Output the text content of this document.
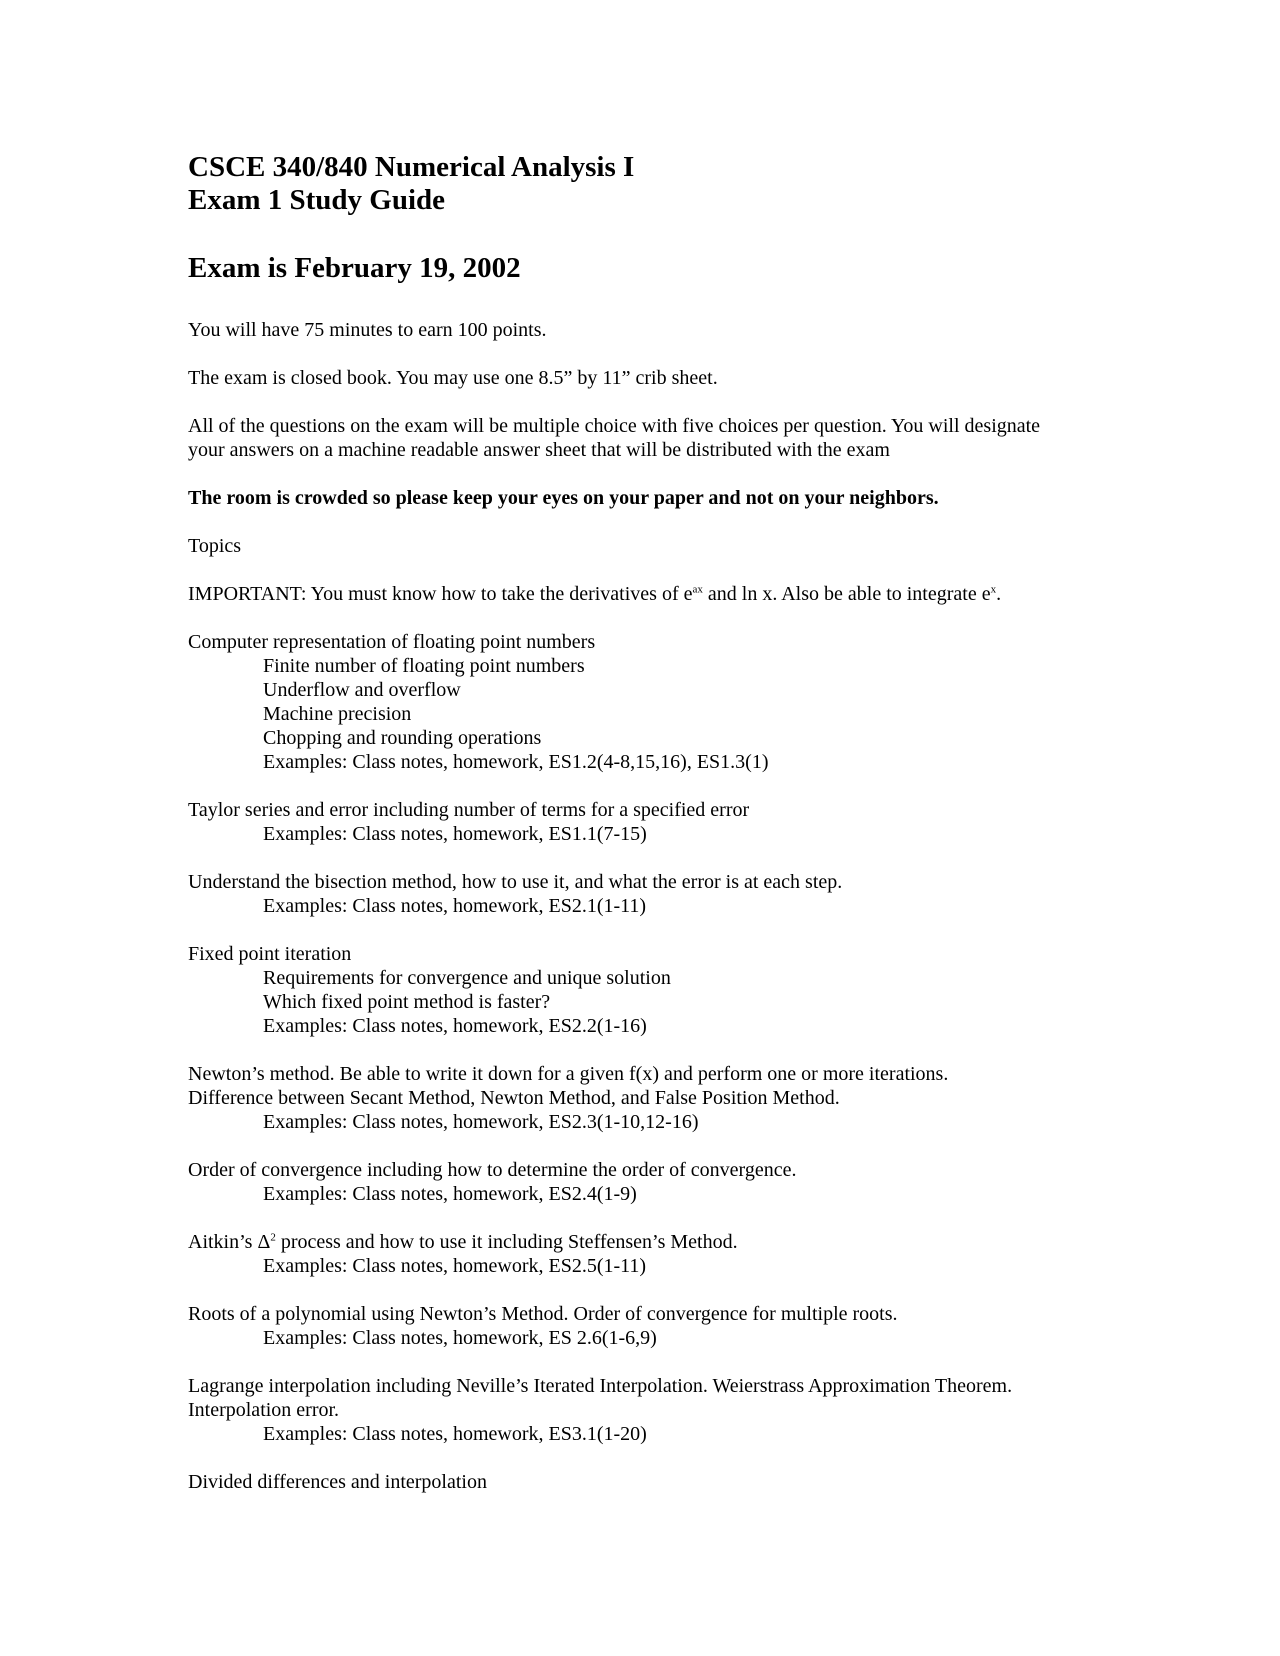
CSCE 340/840 Numerical Analysis I
Exam 1 Study Guide
Exam is February 19, 2002
You will have 75 minutes to earn 100 points.
The exam is closed book. You may use one 8.5” by 11” crib sheet.
All of the questions on the exam will be multiple choice with five choices per question. You will designate
your answers on a machine readable answer sheet that will be distributed with the exam
The room is crowded so please keep your eyes on your paper and not on your neighbors.
Topics
IMPORTANT: You must know how to take the derivatives of $e^{ax}$ and ln x. Also be able to integrate $e^x$.
Computer representation of floating point numbers
Finite number of floating point numbers
Underflow and overflow
Machine precision
Chopping and rounding operations
Examples: Class notes, homework, ES1.2(4-8,15,16), ES1.3(1)
Taylor series and error including number of terms for a specified error
Examples: Class notes, homework, ES1.1(7-15)
Understand the bisection method, how to use it, and what the error is at each step.
Examples: Class notes, homework, ES2.1(1-11)
Fixed point iteration
Requirements for convergence and unique solution
Which fixed point method is faster?
Examples: Class notes, homework, ES2.2(1-16)
Newton’s method. Be able to write it down for a given f(x) and perform one or more iterations.
Difference between Secant Method, Newton Method, and False Position Method.
Examples: Class notes, homework, ES2.3(1-10,12-16)
Order of convergence including how to determine the order of convergence.
Examples: Class notes, homework, ES2.4(1-9)
Aitkin’s $\Delta^2$ process and how to use it including Steffensen’s Method.
Examples: Class notes, homework, ES2.5(1-11)
Roots of a polynomial using Newton’s Method. Order of convergence for multiple roots.
Examples: Class notes, homework, ES 2.6(1-6,9)
Lagrange interpolation including Neville’s Iterated Interpolation. Weierstrass Approximation Theorem.
Interpolation error.
Examples: Class notes, homework, ES3.1(1-20)
Divided differences and interpolation
